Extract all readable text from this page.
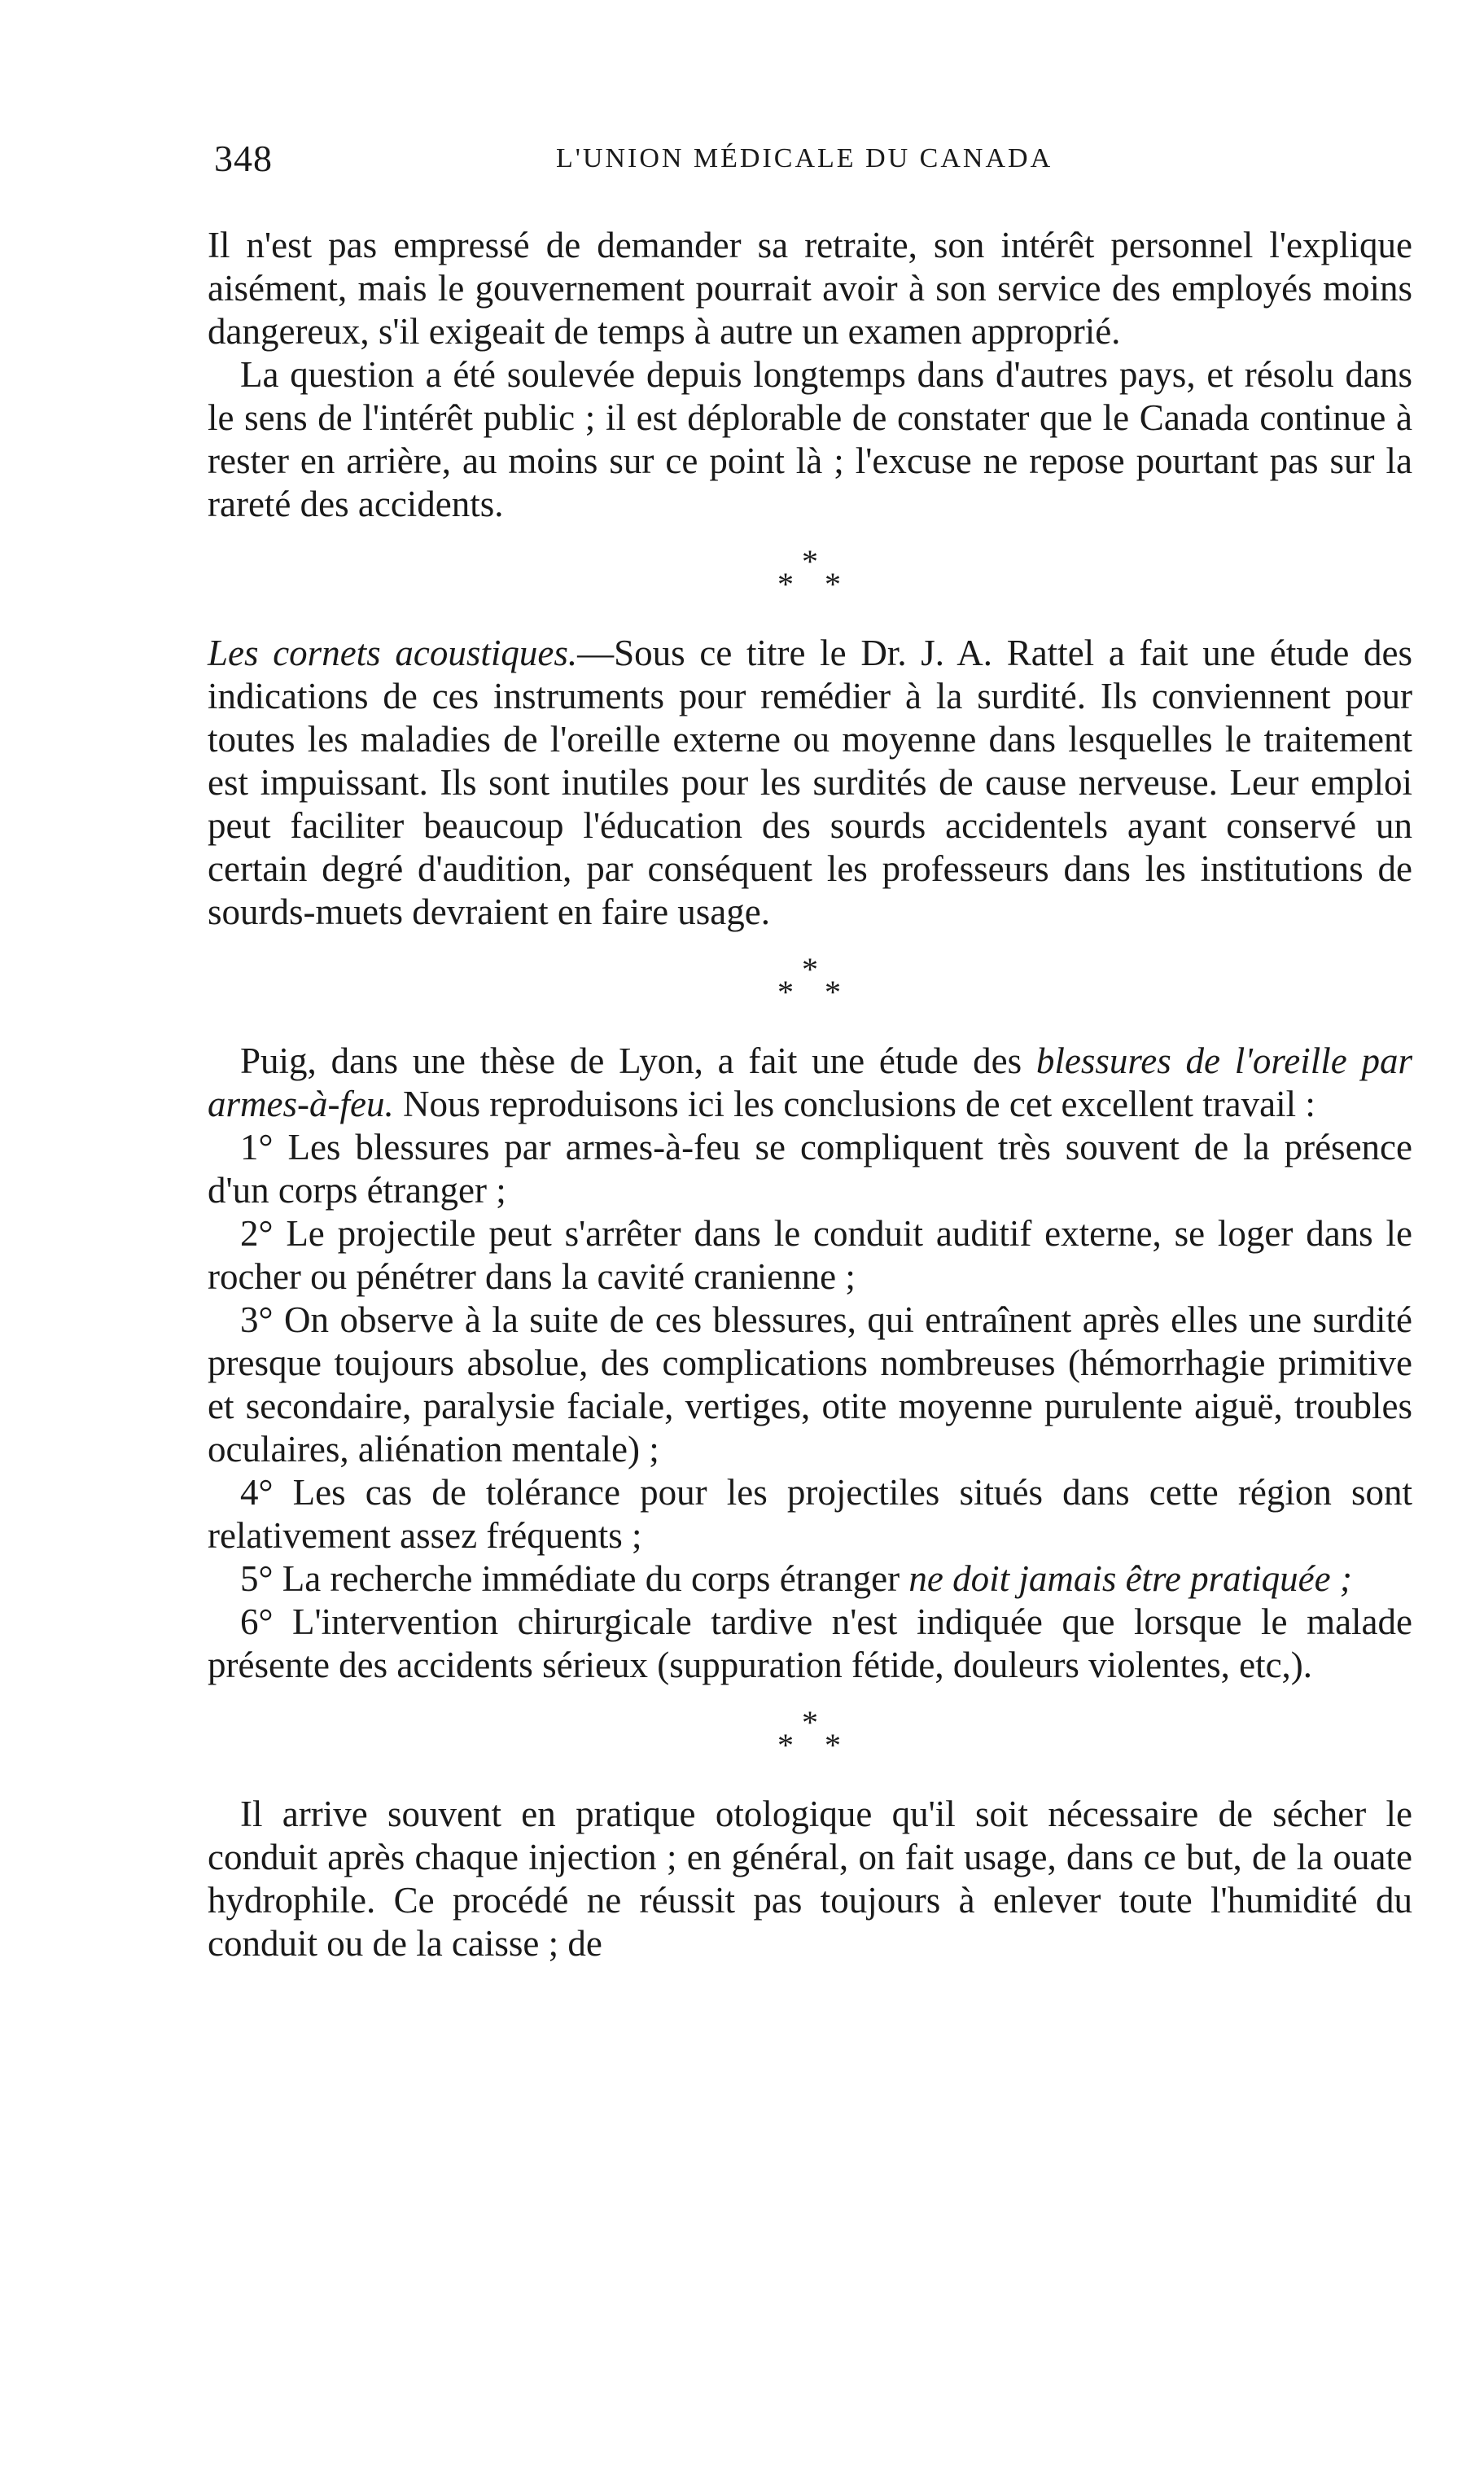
348	L'UNION MÉDICALE DU CANADA

Il n'est pas empressé de demander sa retraite, son intérêt personnel l'explique aisément, mais le gouvernement pourrait avoir à son service des employés moins dangereux, s'il exigeait de temps à autre un examen approprié.

La question a été soulevée depuis longtemps dans d'autres pays, et résolu dans le sens de l'intérêt public ; il est déplorable de constater que le Canada continue à rester en arrière, au moins sur ce point là ; l'excuse ne repose pourtant pas sur la rareté des accidents.

*
* *

Les cornets acoustiques.—Sous ce titre le Dr. J. A. Rattel a fait une étude des indications de ces instruments pour remédier à la surdité. Ils conviennent pour toutes les maladies de l'oreille externe ou moyenne dans lesquelles le traitement est impuissant. Ils sont inutiles pour les surdités de cause nerveuse. Leur emploi peut faciliter beaucoup l'éducation des sourds accidentels ayant conservé un certain degré d'audition, par conséquent les professeurs dans les institutions de sourds-muets devraient en faire usage.

*
* *

Puig, dans une thèse de Lyon, a fait une étude des blessures de l'oreille par armes-à-feu. Nous reproduisons ici les conclusions de cet excellent travail :

1° Les blessures par armes-à-feu se compliquent très souvent de la présence d'un corps étranger ;

2° Le projectile peut s'arrêter dans le conduit auditif externe, se loger dans le rocher ou pénétrer dans la cavité cranienne ;

3° On observe à la suite de ces blessures, qui entraînent après elles une surdité presque toujours absolue, des complications nombreuses (hémorrhagie primitive et secondaire, paralysie faciale, vertiges, otite moyenne purulente aiguë, troubles oculaires, aliénation mentale) ;

4° Les cas de tolérance pour les projectiles situés dans cette région sont relativement assez fréquents ;

5° La recherche immédiate du corps étranger ne doit jamais être pratiquée ;

6° L'intervention chirurgicale tardive n'est indiquée que lorsque le malade présente des accidents sérieux (suppuration fétide, douleurs violentes, etc,).

*
* *

Il arrive souvent en pratique otologique qu'il soit nécessaire de sécher le conduit après chaque injection ; en général, on fait usage, dans ce but, de la ouate hydrophile. Ce procédé ne réussit pas toujours à enlever toute l'humidité du conduit ou de la caisse ; de
